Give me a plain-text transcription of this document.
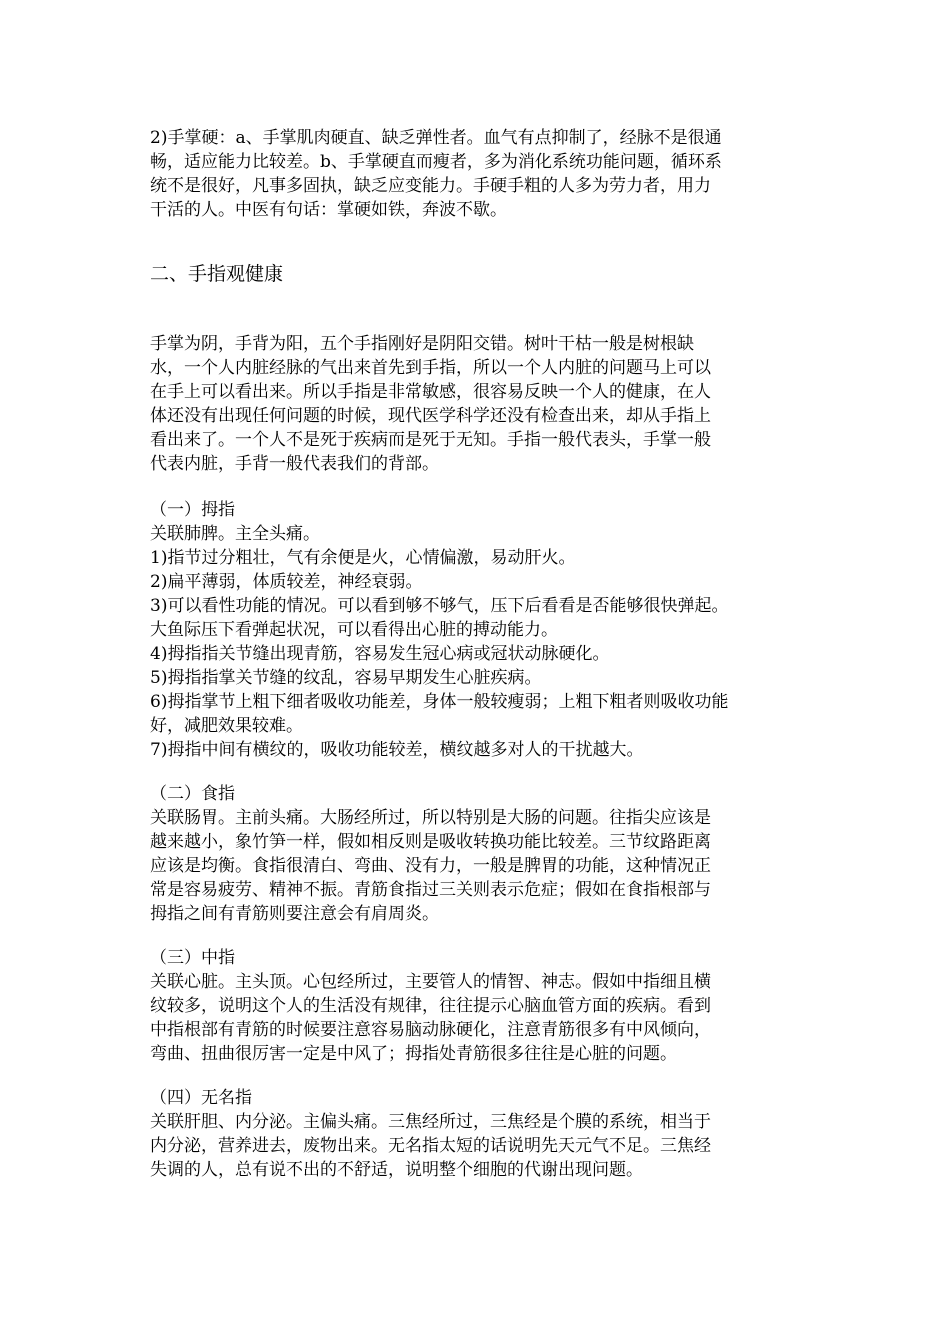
2)手掌硬：a、手掌肌肉硬直、缺乏弹性者。血气有点抑制了，经脉不是很通
畅，适应能力比较差。b、手掌硬直而瘦者，多为消化系统功能问题，循环系
统不是很好，凡事多固执，缺乏应变能力。手硬手粗的人多为劳力者，用力
干活的人。中医有句话：掌硬如铁，奔波不歇。

二、手指观健康

手掌为阴，手背为阳，五个手指刚好是阴阳交错。树叶干枯一般是树根缺
水，一个人内脏经脉的气出来首先到手指，所以一个人内脏的问题马上可以
在手上可以看出来。所以手指是非常敏感，很容易反映一个人的健康，在人
体还没有出现任何问题的时候，现代医学科学还没有检查出来，却从手指上
看出来了。一个人不是死于疾病而是死于无知。手指一般代表头，手掌一般
代表内脏，手背一般代表我们的背部。

（一）拇指

关联肺脾。主全头痛。
1)指节过分粗壮，气有余便是火，心情偏激，易动肝火。
2)扁平薄弱，体质较差，神经衰弱。
3)可以看性功能的情况。可以看到够不够气，压下后看看是否能够很快弹起。
大鱼际压下看弹起状况，可以看得出心脏的搏动能力。
4)拇指指关节缝出现青筋，容易发生冠心病或冠状动脉硬化。
5)拇指指掌关节缝的纹乱，容易早期发生心脏疾病。
6)拇指掌节上粗下细者吸收功能差，身体一般较瘦弱；上粗下粗者则吸收功能
好，减肥效果较难。
7)拇指中间有横纹的，吸收功能较差，横纹越多对人的干扰越大。

（二）食指

关联肠胃。主前头痛。大肠经所过，所以特别是大肠的问题。往指尖应该是
越来越小，象竹笋一样，假如相反则是吸收转换功能比较差。三节纹路距离
应该是均衡。食指很清白、弯曲、没有力，一般是脾胃的功能，这种情况正
常是容易疲劳、精神不振。青筋食指过三关则表示危症；假如在食指根部与
拇指之间有青筋则要注意会有肩周炎。

（三）中指

关联心脏。主头顶。心包经所过，主要管人的情智、神志。假如中指细且横
纹较多，说明这个人的生活没有规律，往往提示心脑血管方面的疾病。看到
中指根部有青筋的时候要注意容易脑动脉硬化，注意青筋很多有中风倾向，
弯曲、扭曲很厉害一定是中风了；拇指处青筋很多往往是心脏的问题。

（四）无名指

关联肝胆、内分泌。主偏头痛。三焦经所过，三焦经是个膜的系统，相当于
内分泌，营养进去，废物出来。无名指太短的话说明先天元气不足。三焦经
失调的人，总有说不出的不舒适，说明整个细胞的代谢出现问题。
